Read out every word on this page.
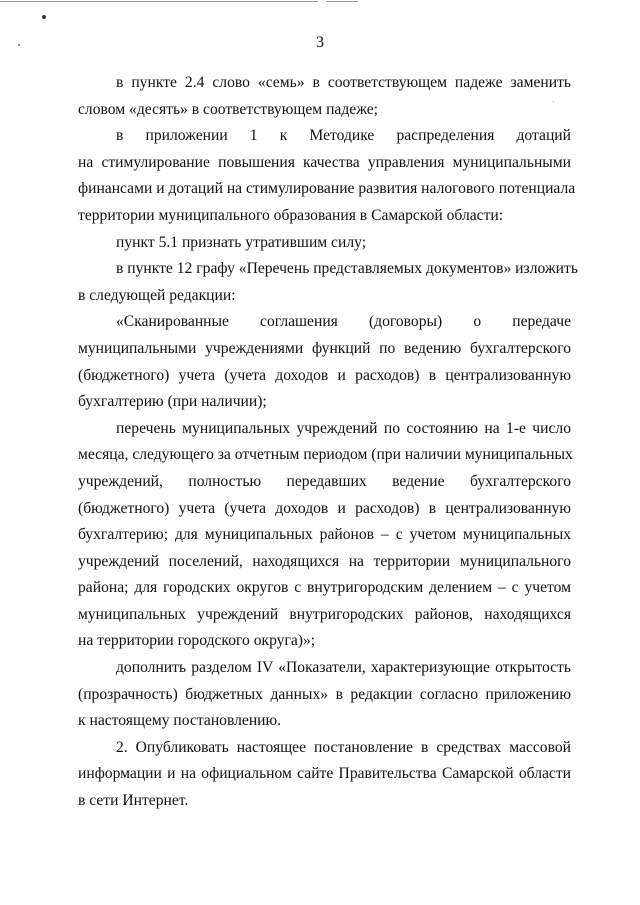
3

в пункте 2.4 слово «семь» в соответствующем падеже заменить
словом «десять» в соответствующем падеже;

в приложении 1 к Методике распределения дотаций
на стимулирование повышения качества управления муниципальными
финансами и дотаций на стимулирование развития налогового потенциала
территории муниципального образования в Самарской области:

пункт 5.1 признать утратившим силу;

в пункте 12 графу «Перечень представляемых документов» изложить
в следующей редакции:

«Сканированные соглашения (договоры) о передаче
муниципальными учреждениями функций по ведению бухгалтерского
(бюджетного) учета (учета доходов и расходов) в централизованную
бухгалтерию (при наличии);

перечень муниципальных учреждений по состоянию на 1-е число
месяца, следующего за отчетным периодом (при наличии муниципальных
учреждений, полностью передавших ведение бухгалтерского
(бюджетного) учета (учета доходов и расходов) в централизованную
бухгалтерию; для муниципальных районов – с учетом муниципальных
учреждений поселений, находящихся на территории муниципального
района; для городских округов с внутригородским делением – с учетом
муниципальных учреждений внутригородских районов, находящихся
на территории городского округа)»;

дополнить разделом IV «Показатели, характеризующие открытость
(прозрачность) бюджетных данных» в редакции согласно приложению
к настоящему постановлению.

2. Опубликовать настоящее постановление в средствах массовой
информации и на официальном сайте Правительства Самарской области
в сети Интернет.
